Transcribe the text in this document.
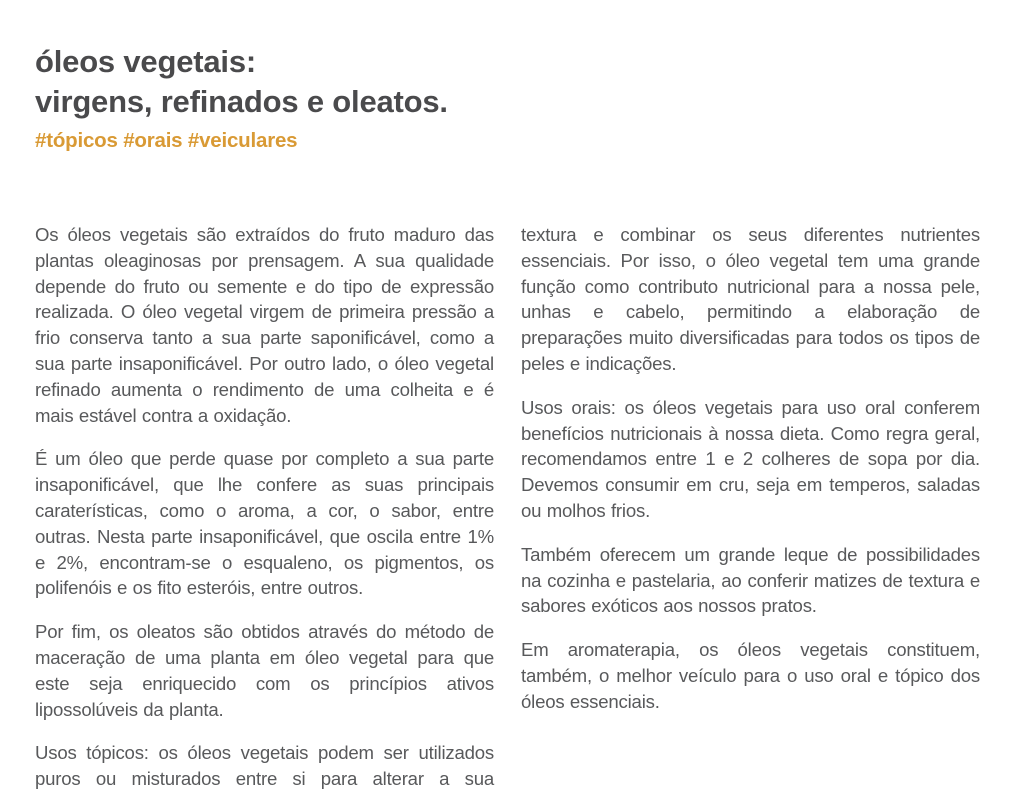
óleos vegetais:
virgens, refinados e oleatos.

#tópicos #orais #veiculares

Os óleos vegetais são extraídos do fruto maduro das plantas oleaginosas por prensagem. A sua qualidade depende do fruto ou semente e do tipo de expressão realizada. O óleo vegetal virgem de primeira pressão a frio conserva tanto a sua parte saponificável, como a sua parte insaponificável. Por outro lado, o óleo vegetal refinado aumenta o rendimento de uma colheita e é mais estável contra a oxidação.

É um óleo que perde quase por completo a sua parte insaponificável, que lhe confere as suas principais caraterísticas, como o aroma, a cor, o sabor, entre outras. Nesta parte insaponificável, que oscila entre 1% e 2%, encontram-se o esqualeno, os pigmentos, os polifenóis e os fito esteróis, entre outros.

Por fim, os oleatos são obtidos através do método de maceração de uma planta em óleo vegetal para que este seja enriquecido com os princípios ativos lipossolúveis da planta.

Usos tópicos: os óleos vegetais podem ser utilizados puros ou misturados entre si para alterar a sua

textura e combinar os seus diferentes nutrientes essenciais. Por isso, o óleo vegetal tem uma grande função como contributo nutricional para a nossa pele, unhas e cabelo, permitindo a elaboração de preparações muito diversificadas para todos os tipos de peles e indicações.

Usos orais: os óleos vegetais para uso oral conferem benefícios nutricionais à nossa dieta. Como regra geral, recomendamos entre 1 e 2 colheres de sopa por dia. Devemos consumir em cru, seja em temperos, saladas ou molhos frios.

Também oferecem um grande leque de possibilidades na cozinha e pastelaria, ao conferir matizes de textura e sabores exóticos aos nossos pratos.

Em aromaterapia, os óleos vegetais constituem, também, o melhor veículo para o uso oral e tópico dos óleos essenciais.
